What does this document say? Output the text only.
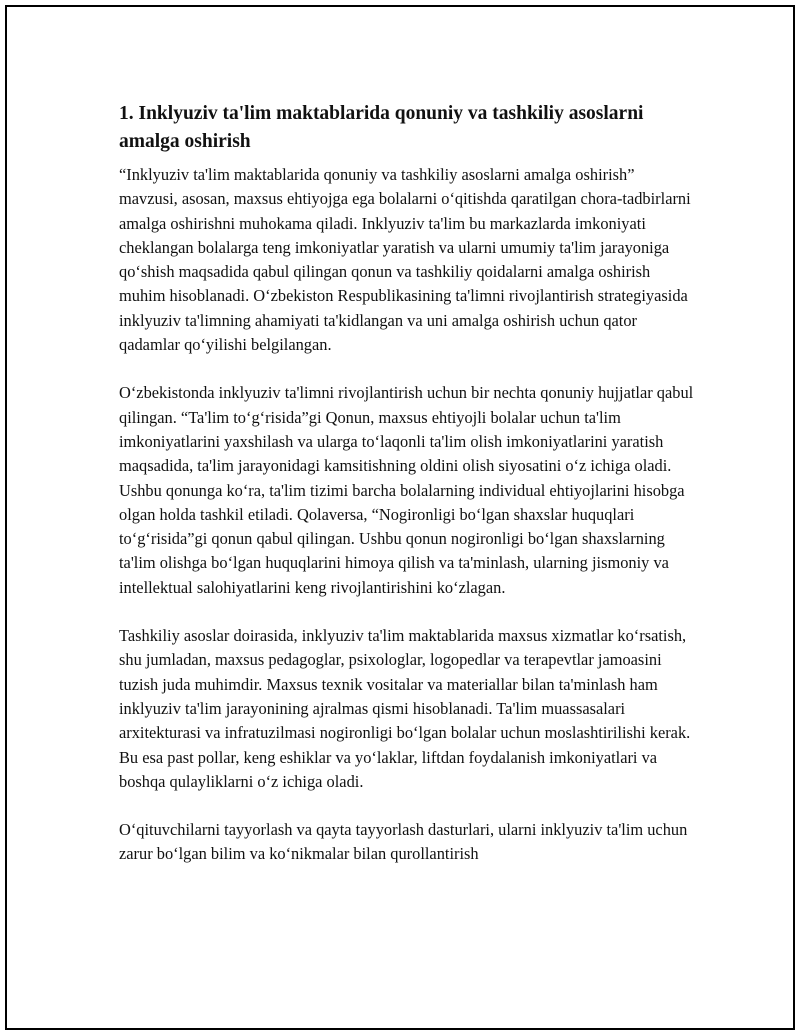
1. Inklyuziv ta'lim maktablarida qonuniy va tashkiliy asoslarni amalga oshirish

“Inklyuziv ta'lim maktablarida qonuniy va tashkiliy asoslarni amalga oshirish” mavzusi, asosan, maxsus ehtiyojga ega bolalarni o‘qitishda qaratilgan chora-tadbirlarni amalga oshirishni muhokama qiladi. Inklyuziv ta'lim bu markazlarda imkoniyati cheklangan bolalarga teng imkoniyatlar yaratish va ularni umumiy ta'lim jarayoniga qo‘shish maqsadida qabul qilingan qonun va tashkiliy qoidalarni amalga oshirish muhim hisoblanadi. O‘zbekiston Respublikasining ta'limni rivojlantirish strategiyasida inklyuziv ta'limning ahamiyati ta'kidlangan va uni amalga oshirish uchun qator qadamlar qo‘yilishi belgilangan.

O‘zbekistonda inklyuziv ta'limni rivojlantirish uchun bir nechta qonuniy hujjatlar qabul qilingan. “Ta'lim to‘g‘risida”gi Qonun, maxsus ehtiyojli bolalar uchun ta'lim imkoniyatlarini yaxshilash va ularga to‘laqonli ta'lim olish imkoniyatlarini yaratish maqsadida, ta'lim jarayonidagi kamsitishning oldini olish siyosatini o‘z ichiga oladi. Ushbu qonunga ko‘ra, ta'lim tizimi barcha bolalarning individual ehtiyojlarini hisobga olgan holda tashkil etiladi. Qolaversa, “Nogironligi bo‘lgan shaxslar huquqlari to‘g‘risida”gi qonun qabul qilingan. Ushbu qonun nogironligi bo‘lgan shaxslarning ta'lim olishga bo‘lgan huquqlarini himoya qilish va ta'minlash, ularning jismoniy va intellektual salohiyatlarini keng rivojlantirishini ko‘zlagan.

Tashkiliy asoslar doirasida, inklyuziv ta'lim maktablarida maxsus xizmatlar ko‘rsatish, shu jumladan, maxsus pedagoglar, psixologlar, logopedlar va terapevtlar jamoasini tuzish juda muhimdir. Maxsus texnik vositalar va materiallar bilan ta'minlash ham inklyuziv ta'lim jarayonining ajralmas qismi hisoblanadi. Ta'lim muassasalari arxitekturasi va infratuzilmasi nogironligi bo‘lgan bolalar uchun moslashtirilishi kerak. Bu esa past pollar, keng eshiklar va yo‘laklar, liftdan foydalanish imkoniyatlari va boshqa qulayliklarni o‘z ichiga oladi.

O‘qituvchilarni tayyorlash va qayta tayyorlash dasturlari, ularni inklyuziv ta'lim uchun zarur bo‘lgan bilim va ko‘nikmalar bilan qurollantirish
